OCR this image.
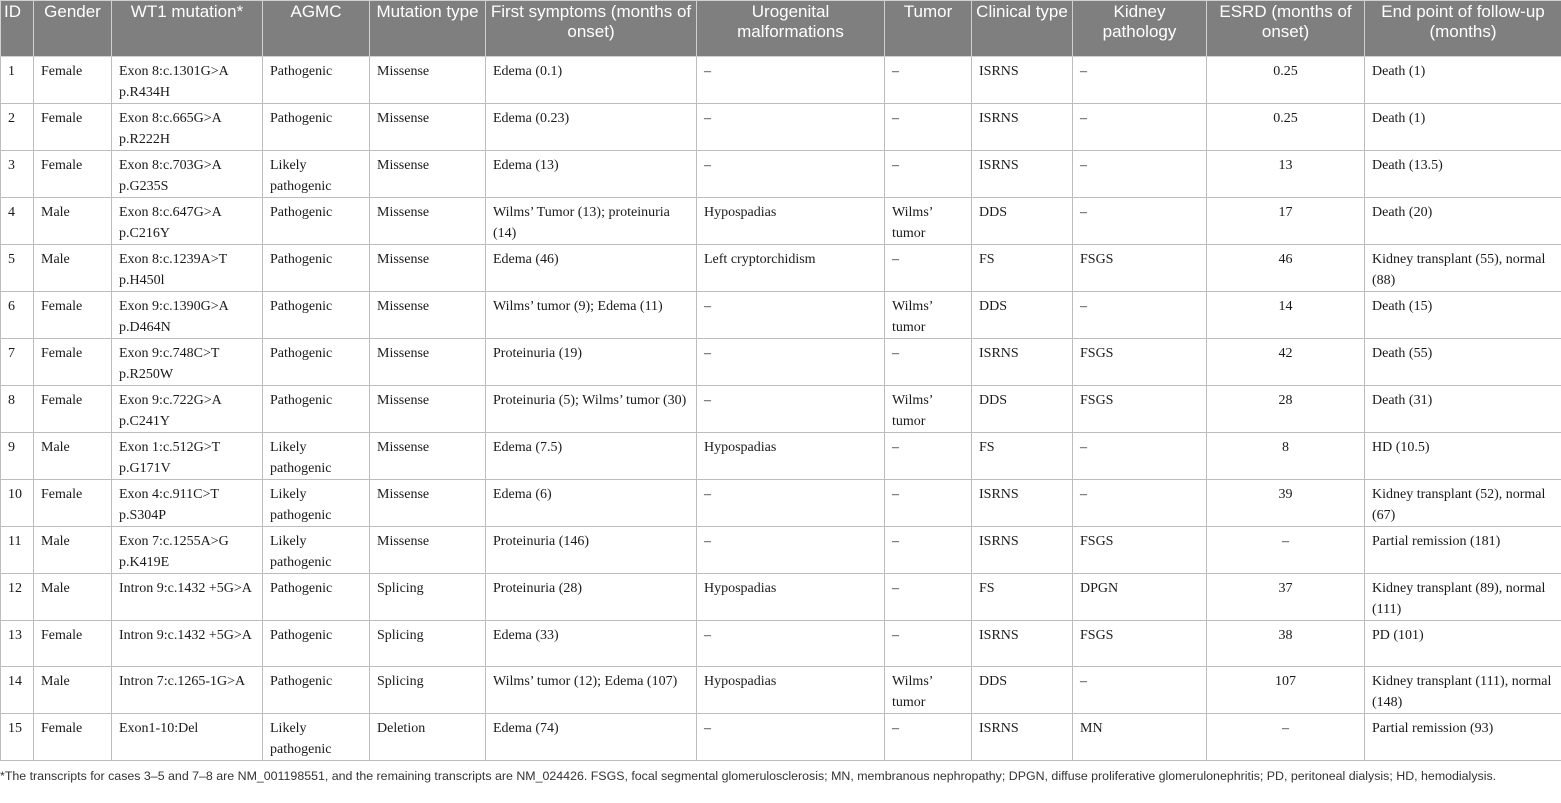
ID	Gender	WT1 mutation*	AGMC	Mutation type	First symptoms (months of onset)	Urogenital malformations	Tumor	Clinical type	Kidney pathology	ESRD (months of onset)	End point of follow-up (months)
1	Female	Exon 8:c.1301G>A p.R434H	Pathogenic	Missense	Edema (0.1)	–	–	ISRNS	–	0.25	Death (1)
2	Female	Exon 8:c.665G>A p.R222H	Pathogenic	Missense	Edema (0.23)	–	–	ISRNS	–	0.25	Death (1)
3	Female	Exon 8:c.703G>A p.G235S	Likely pathogenic	Missense	Edema (13)	–	–	ISRNS	–	13	Death (13.5)
4	Male	Exon 8:c.647G>A p.C216Y	Pathogenic	Missense	Wilms’ Tumor (13); proteinuria (14)	Hypospadias	Wilms’ tumor	DDS	–	17	Death (20)
5	Male	Exon 8:c.1239A>T p.H450l	Pathogenic	Missense	Edema (46)	Left cryptorchidism	–	FS	FSGS	46	Kidney transplant (55), normal (88)
6	Female	Exon 9:c.1390G>A p.D464N	Pathogenic	Missense	Wilms’ tumor (9); Edema (11)	–	Wilms’ tumor	DDS	–	14	Death (15)
7	Female	Exon 9:c.748C>T p.R250W	Pathogenic	Missense	Proteinuria (19)	–	–	ISRNS	FSGS	42	Death (55)
8	Female	Exon 9:c.722G>A p.C241Y	Pathogenic	Missense	Proteinuria (5); Wilms’ tumor (30)	–	Wilms’ tumor	DDS	FSGS	28	Death (31)
9	Male	Exon 1:c.512G>T p.G171V	Likely pathogenic	Missense	Edema (7.5)	Hypospadias	–	FS	–	8	HD (10.5)
10	Female	Exon 4:c.911C>T p.S304P	Likely pathogenic	Missense	Edema (6)	–	–	ISRNS	–	39	Kidney transplant (52), normal (67)
11	Male	Exon 7:c.1255A>G p.K419E	Likely pathogenic	Missense	Proteinuria (146)	–	–	ISRNS	FSGS	–	Partial remission (181)
12	Male	Intron 9:c.1432 +5G>A	Pathogenic	Splicing	Proteinuria (28)	Hypospadias	–	FS	DPGN	37	Kidney transplant (89), normal (111)
13	Female	Intron 9:c.1432 +5G>A	Pathogenic	Splicing	Edema (33)	–	–	ISRNS	FSGS	38	PD (101)
14	Male	Intron 7:c.1265-1G>A	Pathogenic	Splicing	Wilms’ tumor (12); Edema (107)	Hypospadias	Wilms’ tumor	DDS	–	107	Kidney transplant (111), normal (148)
15	Female	Exon1-10:Del	Likely pathogenic	Deletion	Edema (74)	–	–	ISRNS	MN	–	Partial remission (93)
*The transcripts for cases 3–5 and 7–8 are NM_001198551, and the remaining transcripts are NM_024426. FSGS, focal segmental glomerulosclerosis; MN, membranous nephropathy; DPGN, diffuse proliferative glomerulonephritis; PD, peritoneal dialysis; HD, hemodialysis.
